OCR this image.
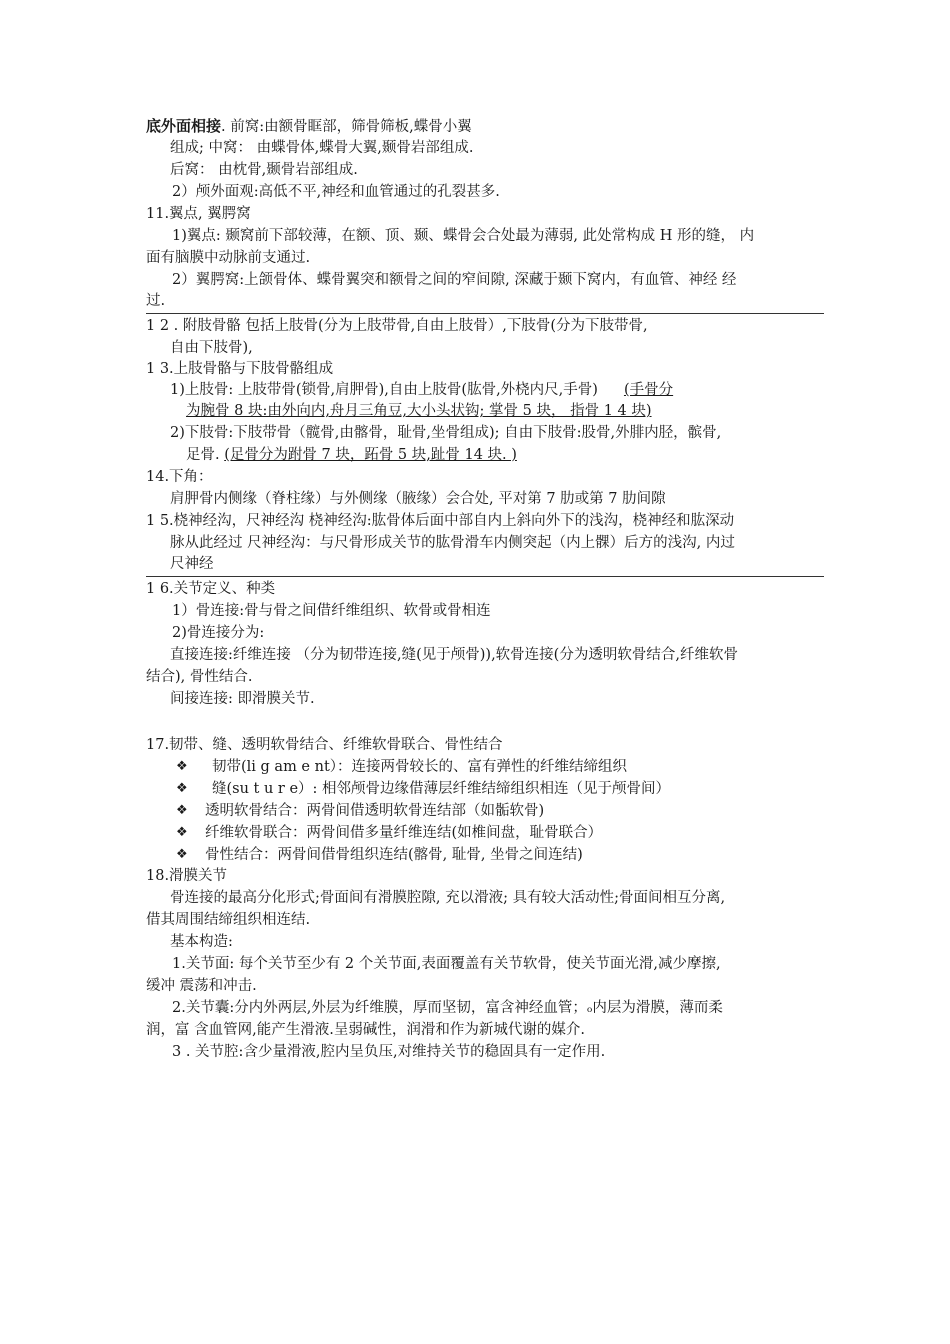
底外面相接. 前窝:由额骨眶部，筛骨筛板,蝶骨小翼
组成; 中窝： 由蝶骨体,蝶骨大翼,颞骨岩部组成.
后窝： 由枕骨,颞骨岩部组成.
2）颅外面观:高低不平,神经和血管通过的孔裂甚多.
11.翼点, 翼腭窝
1)翼点: 颞窝前下部较薄，在额、顶、颞、蝶骨会合处最为薄弱, 此处常构成 H 形的缝， 内
面有脑膜中动脉前支通过.
2）翼腭窝:上颌骨体、蝶骨翼突和额骨之间的窄间隙, 深藏于颞下窝内，有血管、神经 经
过.
1 2 . 附肢骨骼 包括上肢骨(分为上肢带骨,自由上肢骨）,下肢骨(分为下肢带骨,
自由下肢骨),
1 3.上肢骨骼与下肢骨骼组成
1)上肢骨: 上肢带骨(锁骨,肩胛骨),自由上肢骨(肱骨,外桡内尺,手骨) (手骨分
为腕骨 8 块:由外向内,舟月三角豆,大小头状钩; 掌骨 5 块， 指骨 1 4 块)
2)下肢骨:下肢带骨（髋骨,由髂骨，耻骨,坐骨组成); 自由下肢骨:股骨,外腓内胫，髌骨,
足骨. (足骨分为跗骨 7 块，跖骨 5 块,趾骨 14 块. )
14.下角：
肩胛骨内侧缘（脊柱缘）与外侧缘（腋缘）会合处, 平对第 7 肋或第 7 肋间隙
1 5.桡神经沟，尺神经沟 桡神经沟:肱骨体后面中部自内上斜向外下的浅沟，桡神经和肱深动
脉从此经过 尺神经沟：与尺骨形成关节的肱骨滑车内侧突起（内上髁）后方的浅沟, 内过
尺神经
1 6.关节定义、种类
1）骨连接:骨与骨之间借纤维组织、软骨或骨相连
2)骨连接分为:
直接连接:纤维连接 （分为韧带连接,缝(见于颅骨)),软骨连接(分为透明软骨结合,纤维软骨
结合), 骨性结合.
间接连接: 即滑膜关节.
17.韧带、缝、透明软骨结合、纤维软骨联合、骨性结合
❖ 韧带(li g am e nt）：连接两骨较长的、富有弹性的纤维结缔组织
❖ 缝(su t u r e）: 相邻颅骨边缘借薄层纤维结缔组织相连（见于颅骨间）
❖ 透明软骨结合：两骨间借透明软骨连结部（如骺软骨)
❖ 纤维软骨联合：两骨间借多量纤维连结(如椎间盘，耻骨联合）
❖ 骨性结合：两骨间借骨组织连结(髂骨, 耻骨, 坐骨之间连结)
18.滑膜关节
骨连接的最高分化形式;骨面间有滑膜腔隙, 充以滑液; 具有较大活动性;骨面间相互分离,
借其周围结缔组织相连结.
基本构造:
1.关节面: 每个关节至少有 2 个关节面,表面覆盖有关节软骨，使关节面光滑,减少摩擦,
缓冲 震荡和冲击.
2.关节囊:分内外两层,外层为纤维膜，厚而坚韧，富含神经血管；ₒ内层为滑膜，薄而柔
润，富 含血管网,能产生滑液.呈弱碱性，润滑和作为新城代谢的媒介.
3 . 关节腔:含少量滑液,腔内呈负压,对维持关节的稳固具有一定作用.
